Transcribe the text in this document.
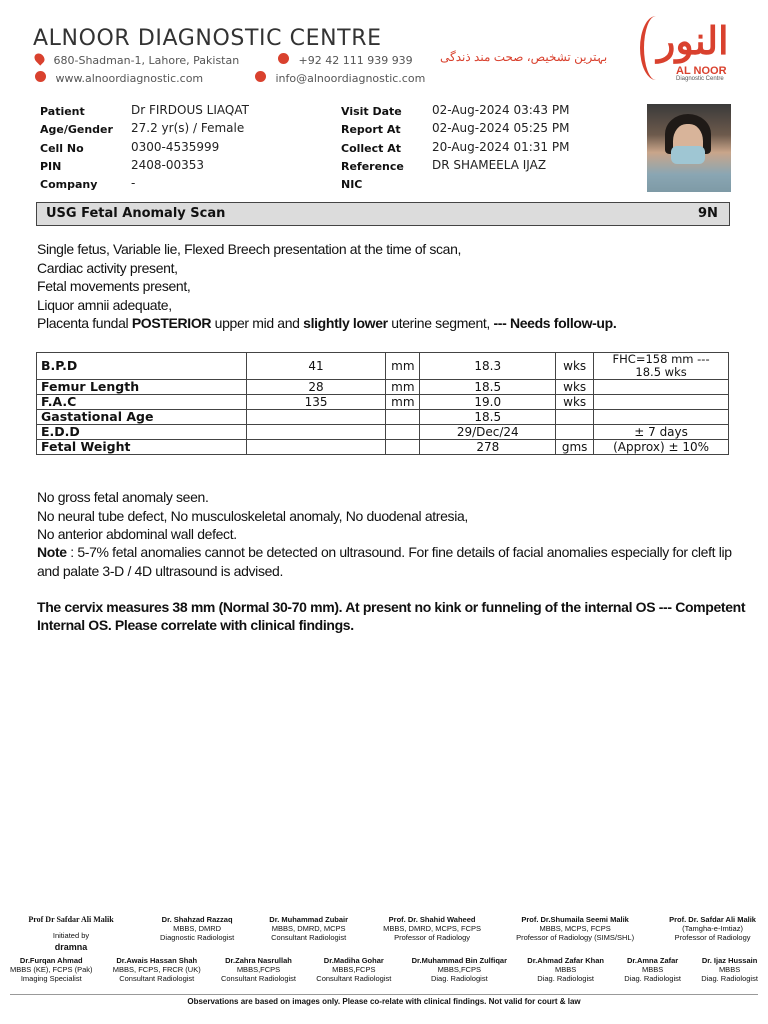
ALNOOR DIAGNOSTIC CENTRE
680-Shadman-1, Lahore, Pakistan	+92 42 111 939 939
www.alnoordiagnostic.com	info@alnoordiagnostic.com
بہترین تشخیص، صحت مند ذندگی النور
AL NOOR
Diagnostic Centre
Patient	Dr FIRDOUS LIAQAT
Age/Gender 27.2 yr(s) / Female
Cell No	0300-4535999
PIN	2408-00353
Company	-
Visit Date	02-Aug-2024 03:43 PM
Report At	02-Aug-2024 05:25 PM
Collect At	20-Aug-2024 01:31 PM
Reference DR SHAMEELA IJAZ
NIC
USG Fetal Anomaly Scan	9N
Single fetus, Variable lie, Flexed Breech presentation at the time of scan,
Cardiac activity present,
Fetal movements present,
Liquor amnii adequate,
Placenta fundal POSTERIOR upper mid and slightly lower uterine segment, --- Needs follow-up.
B.P.D	41	mm	18.3	wks	FHC=158 mm --- 18.5 wks
Femur Length	28	mm	18.5	wks	
F.A.C	135	mm	19.0	wks	
Gastational Age			18.5		
E.D.D			29/Dec/24		± 7 days
Fetal Weight			278	gms	(Approx) ± 10%
No gross fetal anomaly seen.
No neural tube defect, No musculoskeletal anomaly, No duodenal atresia,
No anterior abdominal wall defect.
Note : 5-7% fetal anomalies cannot be detected on ultrasound. For fine details of facial anomalies especially for cleft lip
and palate 3-D / 4D ultrasound is advised.
The cervix measures 38 mm (Normal 30-70 mm). At present no kink or funneling of the internal OS --- Competent
Internal OS. Please correlate with clinical findings.
Prof Dr Safdar Ali Malik
Initiated by
dramna
Dr. Shahzad Razzaq
MBBS, DMRD
Diagnostic Radiologist
Dr. Muhammad Zubair
MBBS, DMRD, MCPS
Consultant Radiologist
Prof. Dr. Shahid Waheed
MBBS, DMRD, MCPS, FCPS
Professor of Radiology
Prof. Dr.Shumaila Seemi Malik
MBBS, MCPS, FCPS
Professor of Radiology (SIMS/SHL)
Prof. Dr. Safdar Ali Malik
(Tamgha-e-Imtiaz)
Professor of Radiology
Dr.Furqan Ahmad
MBBS (KE), FCPS (Pak)
Imaging Specialist
Dr.Awais Hassan Shah
MBBS, FCPS, FRCR (UK)
Consultant Radiologist
Dr.Zahra Nasrullah
MBBS,FCPS
Consultant Radiologist
Dr.Madiha Gohar
MBBS,FCPS
Consultant Radiologist
Dr.Muhammad Bin Zulfiqar
MBBS,FCPS
Diag. Radiologist
Dr.Ahmad Zafar Khan
MBBS
Diag. Radiologist
Dr.Amna Zafar
MBBS
Diag. Radiologist
Dr. Ijaz Hussain
MBBS
Diag. Radiologist
Observations are based on images only. Please co-relate with clinical findings. Not valid for court & law
